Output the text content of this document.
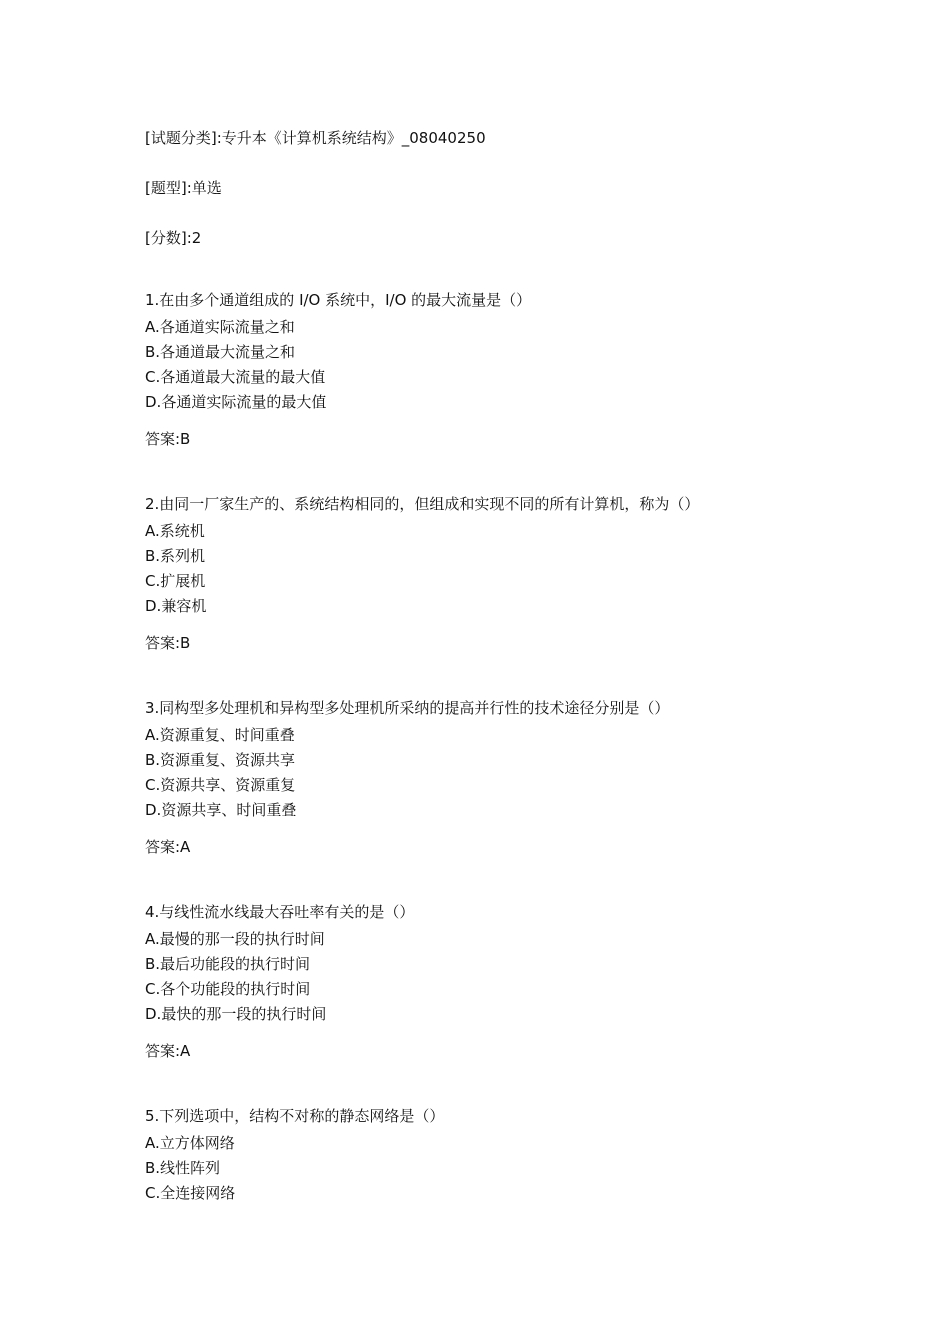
[试题分类]:专升本《计算机系统结构》_08040250
[题型]:单选
[分数]:2
1.在由多个通道组成的 I/O 系统中，I/O 的最大流量是（）
A.各通道实际流量之和
B.各通道最大流量之和
C.各通道最大流量的最大值
D.各通道实际流量的最大值
答案:B
2.由同一厂家生产的、系统结构相同的，但组成和实现不同的所有计算机，称为（）
A.系统机
B.系列机
C.扩展机
D.兼容机
答案:B
3.同构型多处理机和异构型多处理机所采纳的提高并行性的技术途径分别是（）
A.资源重复、时间重叠
B.资源重复、资源共享
C.资源共享、资源重复
D.资源共享、时间重叠
答案:A
4.与线性流水线最大吞吐率有关的是（）
A.最慢的那一段的执行时间
B.最后功能段的执行时间
C.各个功能段的执行时间
D.最快的那一段的执行时间
答案:A
5.下列选项中，结构不对称的静态网络是（）
A.立方体网络
B.线性阵列
C.全连接网络
